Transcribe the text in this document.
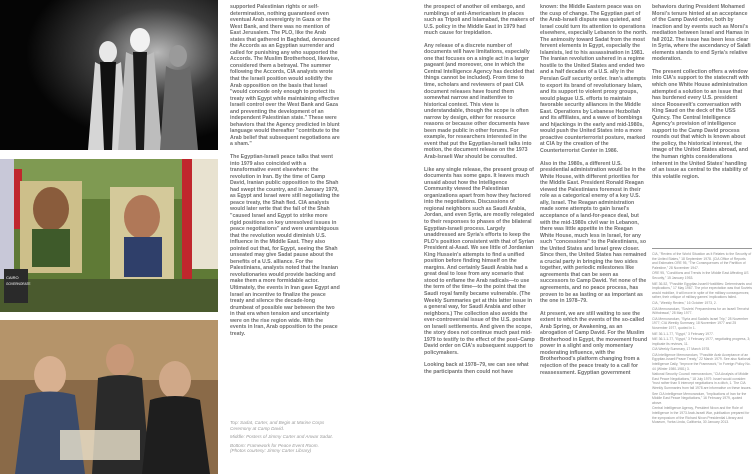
CAIRO
GOVERNORATE

Top: Sadat, Carter, and Begin at Marine Corps Ceremony at Camp David.

Middle: Posters of Jimmy Carter and Anwar Sadat.

Bottom: Framework for Peace Event Room.
(Photos courtesy: Jimmy Carter Library)

supported Palestinian rights or self-determination, nothing guaranteed even eventual Arab sovereignty in Gaza or the West Bank, and there was no mention of East Jerusalem. The PLO, like the Arab states that gathered in Baghdad, denounced the Accords as an Egyptian surrender and called for punishing any who supported the Accords. The Muslim Brotherhood, likewise, considered them a betrayal. The summer following the Accords, CIA analysts wrote that the Israeli position would solidify the Arab opposition on the basis that Israel "would concede only enough to protect its treaty with Egypt while maintaining effective Israeli control over the West Bank and Gaza and preventing the development of an independent Palestinian state." These were behaviors that the Agency predicted in blunt language would thereafter "contribute to the Arab belief that subsequent negotiations are a sham."

The Egyptian-Israeli peace talks that went into 1979 also coincided with a transformative event elsewhere: the revolution in Iran. By the time of Camp David, Iranian public opposition to the Shah had swept the country, and in January 1979, as Egypt and Israel were still negotiating the peace treaty, the Shah fled. CIA analysts would later write that the fall of the Shah "caused Israel and Egypt to strike more rigid positions on key unresolved issues in peace negotiations" and were unambiguous that the revolution would diminish U.S. influence in the Middle East. They also pointed out that, for Egypt, seeing the Shah unseated may give Sadat pause about the benefits of a U.S. alliance. For the Palestinians, analysts noted that the Iranian revolutionaries would provide backing and make them a more formidable actor. Ultimately, the events in Iran gave Egypt and Israel an incentive to finalize the peace treaty and silence the decade-long drumbeat of possible war between the two in that era when tension and uncertainty were on the rise region wide. With the events in Iran, Arab opposition to the peace treaty.

the prospect of another oil embargo, and rumblings of anti-Americanism in places such as Tripoli and Islamabad, the makers of U.S. policy in the Middle East in 1979 had much cause for trepidation.

Any release of a discrete number of documents will have limitations, especially one that focuses on a single act in a larger pageant (and moreover, one in which the Central Intelligence Agency has decided that things cannot be included). From time to time, scholars and reviewers of past CIA document releases have found them somewhat narrow and inattentive to historical context. This view is understandable, though the scope is often narrow by design, either for resource reasons or because other documents have been made public in other forums. For example, for researchers interested in the event that put the Egyptian-Israeli talks into motion, the document release on the 1973 Arab-Israeli War should be consulted.

Like any single release, the present group of documents has some gaps. It leaves much unsaid about how the Intelligence Community viewed the Palestinian organizations apart from how they factored into the negotiations. Discussions of regional neighbors such as Saudi Arabia, Jordan, and even Syria, are mostly relegated to their responses to phases of the bilateral Egyptian-Israeli process. Largely unaddressed are Syria's efforts to keep the PLO's position consistent with that of Syrian President al-Asad. We see little of Jordanian King Hussein's attempts to find a unified position before finding himself on the margins. And certainly Saudi Arabia had a great deal to lose from any scenario that stood to enflame the Arab radicals—to use the term of the time—to the point that the Saudi royal family became vulnerable. (The Weekly Summaries get at this latter issue in a general way, for Saudi Arabia and other neighbors.) The collection also avoids the ever-controversial issue of the U.S. posture on Israeli settlements. And given the scope, the story does not continue much past mid-1979 to testify to the effect of the post–Camp David order on CIA's subsequent support to policymakers.

Looking back at 1978–79, we can see what the participants then could not have

known: the Middle Eastern peace was on the cusp of change. The Egyptian part of the Arab-Israeli dispute was quieted, and Israel could turn its attention to operations elsewhere, especially Lebanon to the north. The animosity toward Sadat from the most fervent elements in Egypt, especially the Islamists, led to his assassination in 1981. The Iranian revolution ushered in a regime hostile to the United States and ended two and a half decades of a U.S. ally in the Persian Gulf security order. Iran's attempts to export its brand of revolutionary Islam, and its support to violent proxy groups, would plague U.S. efforts to maintain favorable security alliances in the Middle East. Operations by Lebanese Hezbollah and its affiliates, and a wave of bombings and hijackings in the early and mid-1980s, would push the United States into a more proactive counterterrorist posture, marked at CIA by the creation of the Counterterrorist Center in 1986.

Also in the 1980s, a different U.S. presidential administration would be in the White House, with different priorities for the Middle East. President Ronald Reagan viewed the Palestinians foremost in their role as a categorical enemy of a key U.S. ally, Israel. The Reagan administration made some attempts to gain Israel's acceptance of a land-for-peace deal, but with the mid-1980s civil war in Lebanon, there was little appetite in the Reagan White House, much less in Israel, for any such "concessions" to the Palestinians, so the United States and Israel grew closer. Since then, the United States has remained a crucial party in bringing the two sides together, with periodic milestones like agreements that can be seen as successors to Camp David. Yet none of the agreements, and no peace process, has proven to be as lasting or as important as the one in 1978–79.

At present, we are still waiting to see the extent to which the events of the so-called Arab Spring, or Awakening, as an abrogation of Camp David. For the Muslim Brotherhood in Egypt, the movement found power in a slight and only momentary moderating influence, with the Brotherhood's platform changing from a rejection of the peace treaty to a call for reassessment. Egyptian government

behaviors during President Mohamed Morsi's tenure hinted at an acceptance of the Camp David order, both by inaction and by events such as Morsi's mediation between Israel and Hamas in fall 2012. The issue has been less clear in Syria, where the ascendancy of Salafi elements stands to end Syria's relative moderation.

The present collection offers a window into CIA's support to the statecraft with which one White House administration attempted a solution to an issue that has burdened every U.S. president since Roosevelt's conversation with King Saud on the deck of the USS Quincy. The Central Intelligence Agency's provision of intelligence support to the Camp David process rounds out that which is known about the policy, the historical interest, the image of the United States abroad, and the human rights considerations inherent in the United States' handling of an issue as central to the stability of this volatile region.

CIA, "Review of the World Situation as it Relates to the Security of the United States," 18 September 1978. (CIA Office of Reports and Estimates ORE 95, "The Consequences of the Partition of Palestine," 28 November 1947.
ORE 95, "Conditions and Trends in the Middle East Affecting US Security," 15 January 1953.
NIE 36-52, "Possible Egyptian-Israeli Hostilities: Determinants and Implications," 17 May 1967. The prior expectation was that Soviets would mobilize, it will move in spite of the military consequences; rather, their critique of military games' implications failed.
CIA, "Weekly Review," 16 October 1973, 2.
CIA Memorandum, "Soviets' Preparedness for an Israeli Terrorist Withdrawal," 28 May 1977.
CIA Memorandum, "Syria and Sadat's Israel Trip," 28 November 1977; CIA Weekly Summary, 18 November 1977 and 25 November 1977, quoted in 1.
NIE 36.1-1-77, "Egypt," 3 February 1977.
NIE 36.1-1-77, "Egypt," 3 February 1977, negotiating progress, 3; implicate its reviews, 11.
CIA Weekly Summary, 17 March 1978.
CIA Intelligence Memorandum, "Possible Arab Acceptance of an Egyptian-Israeli Peace Treaty," 22 March 1979. See also National Intelligence Daily, "Improve the Framework," in Foreign Policy No. 44 (Winter 1980-1981) 3.
National Security Council memorandum, "CIA Analysis of Middle East Peace Negotiations," 18 July 1979. Israel would consider: "trust rather than 5 intercept negotiations in a ditch, 1. The CIA Weekly Summaries from fall 1978 are informative on these issues.
See CIA intelligence Memorandum, "Implications of Iran for the Middle East Peace Negotiations," 16 February 1979, quoted above.
Central Intelligence Agency, President Nixon and the Role of Intelligence in the 1973 Arab-Israeli War, publication prepared for the symposium of the Richard Nixon Presidential Library and Museum, Yorba Linda, California, 30 January 2013.
